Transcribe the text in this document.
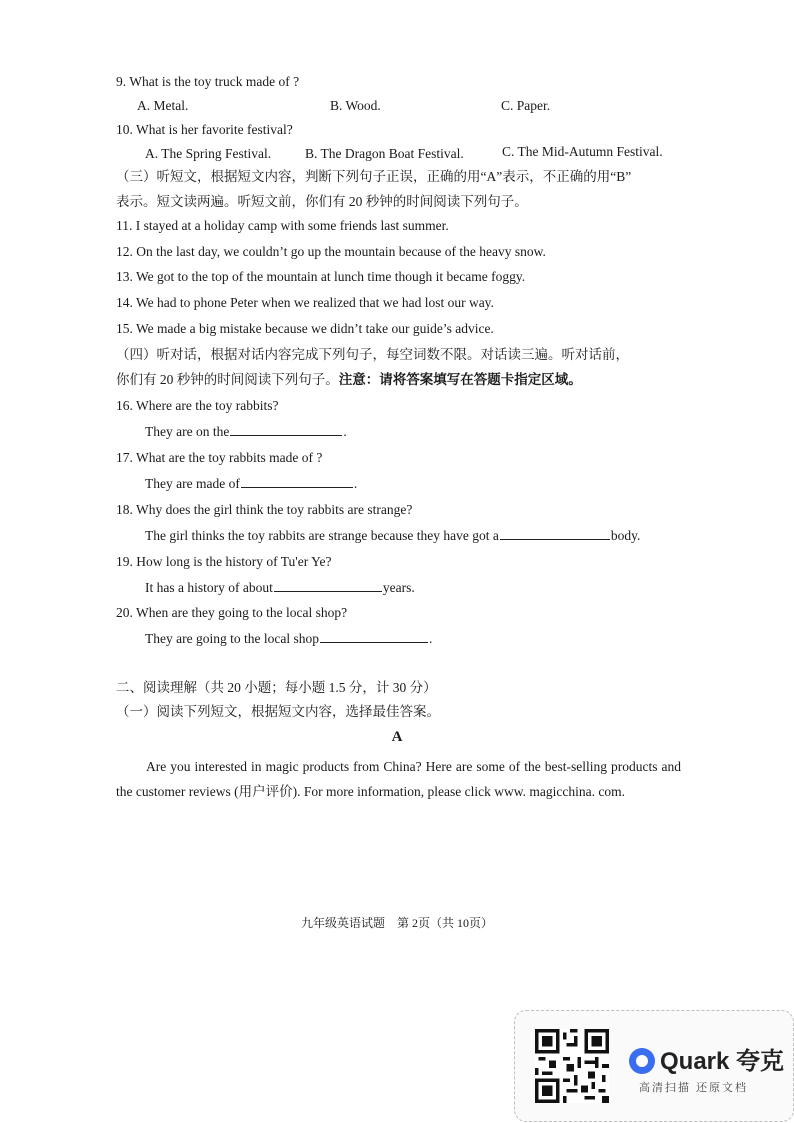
9. What is the toy truck made of ?
A. Metal.	B. Wood.	C. Paper.
10. What is her favorite festival?
A. The Spring Festival.	B. The Dragon Boat Festival.	C. The Mid-Autumn Festival.
（三）听短文，根据短文内容，判断下列句子正误，正确的用“A”表示，不正确的用“B”
表示。短文读两遍。听短文前，你们有 20 秒钟的时间阅读下列句子。
11. I stayed at a holiday camp with some friends last summer.
12. On the last day, we couldn’t go up the mountain because of the heavy snow.
13. We got to the top of the mountain at lunch time though it became foggy.
14. We had to phone Peter when we realized that we had lost our way.
15. We made a big mistake because we didn’t take our guide’s advice.
（四）听对话，根据对话内容完成下列句子，每空词数不限。对话读三遍。听对话前，
你们有 20 秒钟的时间阅读下列句子。注意：请将答案填写在答题卡指定区域。
16. Where are the toy rabbits?
They are on the	.
17. What are the toy rabbits made of ?
They are made of	.
18. Why does the girl think the toy rabbits are strange?
The girl thinks the toy rabbits are strange because they have got a	body.
19. How long is the history of Tu'er Ye?
It has a history of about	years.
20. When are they going to the local shop?
They are going to the local shop	.
二、阅读理解（共 20 小题；每小题 1.5 分，计 30 分）
（一）阅读下列短文，根据短文内容，选择最佳答案。
A
Are you interested in magic products from China? Here are some of the best-selling products and the customer reviews (用户评价). For more information, please click www. magicchina. com.
九年级英语试题　第 2页（共 10页）
Quark 夸克
高清扫描 还原文档
